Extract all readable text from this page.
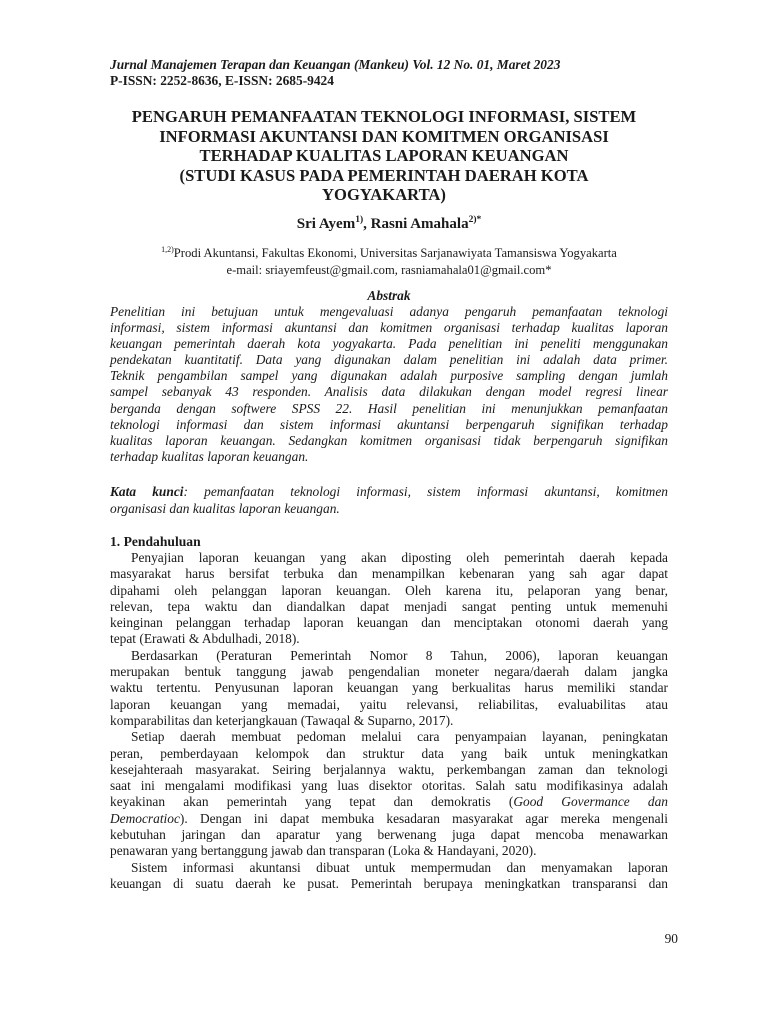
Jurnal Manajemen Terapan dan Keuangan (Mankeu) Vol. 12 No. 01, Maret 2023
P-ISSN: 2252-8636, E-ISSN: 2685-9424
PENGARUH PEMANFAATAN TEKNOLOGI INFORMASI, SISTEM
INFORMASI AKUNTANSI DAN KOMITMEN ORGANISASI
TERHADAP KUALITAS LAPORAN KEUANGAN
(STUDI KASUS PADA PEMERINTAH DAERAH KOTA
YOGYAKARTA)
Sri Ayem$^{1)}$, Rasni Amahala$^{2)*}$
$^{1,2)}$Prodi Akuntansi, Fakultas Ekonomi, Universitas Sarjanawiyata Tamansiswa Yogyakarta
e-mail: sriayemfeust@gmail.com, rasniamahala01@gmail.com*
Abstrak
Penelitian ini betujuan untuk mengevaluasi adanya pengaruh pemanfaatan teknologi
informasi, sistem informasi akuntansi dan komitmen organisasi terhadap kualitas laporan
keuangan pemerintah daerah kota yogyakarta. Pada penelitian ini peneliti menggunakan
pendekatan kuantitatif. Data yang digunakan dalam penelitian ini adalah data primer.
Teknik pengambilan sampel yang digunakan adalah purposive sampling dengan jumlah
sampel sebanyak 43 responden. Analisis data dilakukan dengan model regresi linear
berganda dengan softwere SPSS 22. Hasil penelitian ini menunjukkan pemanfaatan
teknologi informasi dan sistem informasi akuntansi berpengaruh signifikan terhadap
kualitas laporan keuangan. Sedangkan komitmen organisasi tidak berpengaruh signifikan
terhadap kualitas laporan keuangan.
Kata kunci: pemanfaatan teknologi informasi, sistem informasi akuntansi, komitmen
organisasi dan kualitas laporan keuangan.
1. Pendahuluan
Penyajian laporan keuangan yang akan diposting oleh pemerintah daerah kepada
masyarakat harus bersifat terbuka dan menampilkan kebenaran yang sah agar dapat
dipahami oleh pelanggan laporan keuangan. Oleh karena itu, pelaporan yang benar,
relevan, tepa waktu dan diandalkan dapat menjadi sangat penting untuk memenuhi
keinginan pelanggan terhadap laporan keuangan dan menciptakan otonomi daerah yang
tepat (Erawati & Abdulhadi, 2018).
Berdasarkan (Peraturan Pemerintah Nomor 8 Tahun, 2006), laporan keuangan
merupakan bentuk tanggung jawab pengendalian moneter negara/daerah dalam jangka
waktu tertentu. Penyusunan laporan keuangan yang berkualitas harus memiliki standar
laporan keuangan yang memadai, yaitu relevansi, reliabilitas, evaluabilitas atau
komparabilitas dan keterjangkauan (Tawaqal & Suparno, 2017).
Setiap daerah membuat pedoman melalui cara penyampaian layanan, peningkatan
peran, pemberdayaan kelompok dan struktur data yang baik untuk meningkatkan
kesejahteraah masyarakat. Seiring berjalannya waktu, perkembangan zaman dan teknologi
saat ini mengalami modifikasi yang luas disektor otoritas. Salah satu modifikasinya adalah
keyakinan akan pemerintah yang tepat dan demokratis (Good Govermance dan
Democratioc). Dengan ini dapat membuka kesadaran masyarakat agar mereka mengenali
kebutuhan jaringan dan aparatur yang berwenang juga dapat mencoba menawarkan
penawaran yang bertanggung jawab dan transparan (Loka & Handayani, 2020).
Sistem informasi akuntansi dibuat untuk mempermudan dan menyamakan laporan
keuangan di suatu daerah ke pusat. Pemerintah berupaya meningkatkan transparansi dan
90
